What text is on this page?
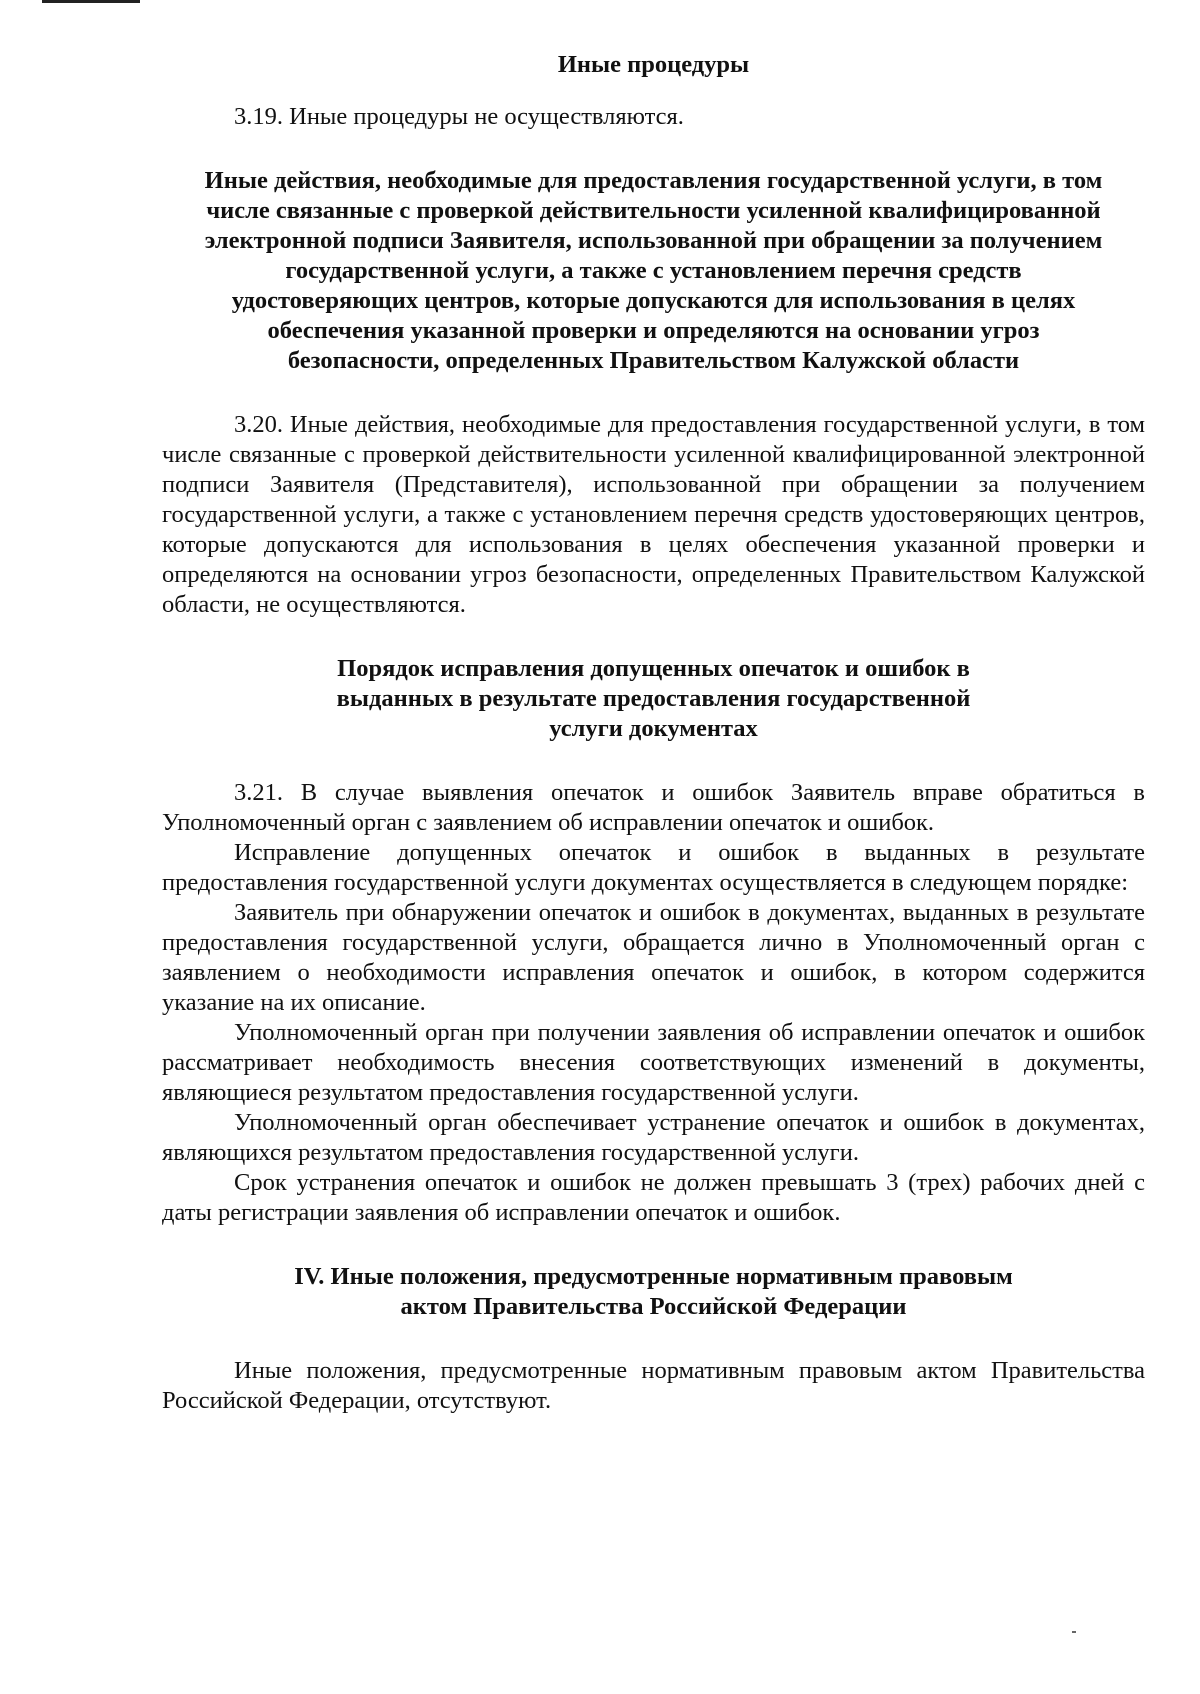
Иные процедуры

3.19. Иные процедуры не осуществляются.

Иные действия, необходимые для предоставления государственной услуги, в том числе связанные с проверкой действительности усиленной квалифицированной электронной подписи Заявителя, использованной при обращении за получением государственной услуги, а также с установлением перечня средств удостоверяющих центров, которые допускаются для использования в целях обеспечения указанной проверки и определяются на основании угроз безопасности, определенных Правительством Калужской области

3.20. Иные действия, необходимые для предоставления государственной услуги, в том числе связанные с проверкой действительности усиленной квалифицированной электронной подписи Заявителя (Представителя), использованной при обращении за получением государственной услуги, а также с установлением перечня средств удостоверяющих центров, которые допускаются для использования в целях обеспечения указанной проверки и определяются на основании угроз безопасности, определенных Правительством Калужской области, не осуществляются.

Порядок исправления допущенных опечаток и ошибок в выданных в результате предоставления государственной услуги документах

3.21. В случае выявления опечаток и ошибок Заявитель вправе обратиться в Уполномоченный орган с заявлением об исправлении опечаток и ошибок.

Исправление допущенных опечаток и ошибок в выданных в результате предоставления государственной услуги документах осуществляется в следующем порядке:

Заявитель при обнаружении опечаток и ошибок в документах, выданных в результате предоставления государственной услуги, обращается лично в Уполномоченный орган с заявлением о необходимости исправления опечаток и ошибок, в котором содержится указание на их описание.

Уполномоченный орган при получении заявления об исправлении опечаток и ошибок рассматривает необходимость внесения соответствующих изменений в документы, являющиеся результатом предоставления государственной услуги.

Уполномоченный орган обеспечивает устранение опечаток и ошибок в документах, являющихся результатом предоставления государственной услуги.

Срок устранения опечаток и ошибок не должен превышать 3 (трех) рабочих дней с даты регистрации заявления об исправлении опечаток и ошибок.

IV. Иные положения, предусмотренные нормативным правовым актом Правительства Российской Федерации

Иные положения, предусмотренные нормативным правовым актом Правительства Российской Федерации, отсутствуют.
